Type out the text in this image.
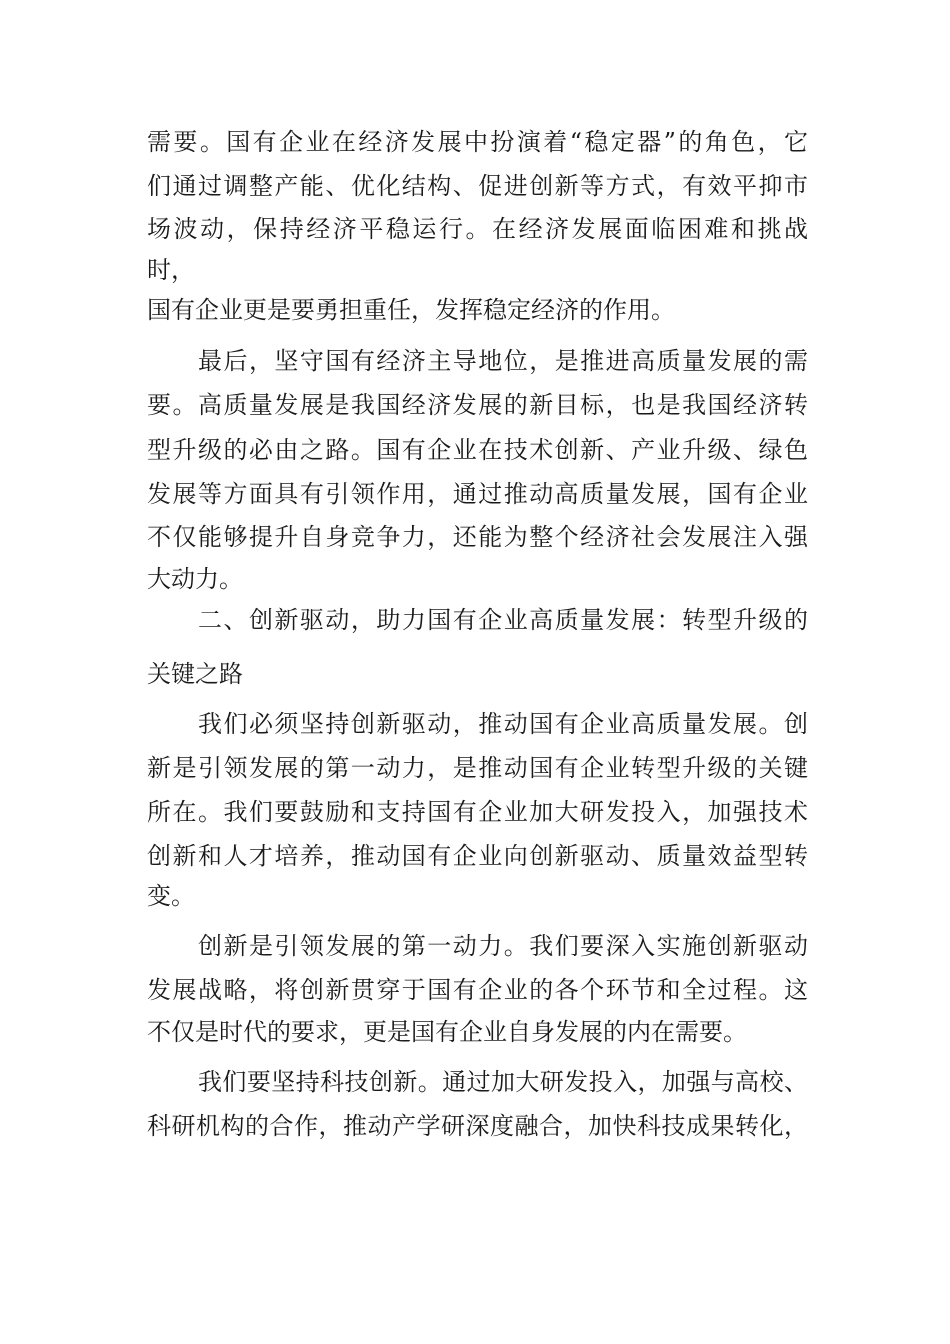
需要。国有企业在经济发展中扮演着“稳定器”的角色，它
们通过调整产能、优化结构、促进创新等方式，有效平抑市
场波动，保持经济平稳运行。在经济发展面临困难和挑战
时，
国有企业更是要勇担重任，发挥稳定经济的作用。
最后，坚守国有经济主导地位，是推进高质量发展的需
要。高质量发展是我国经济发展的新目标，也是我国经济转
型升级的必由之路。国有企业在技术创新、产业升级、绿色
发展等方面具有引领作用，通过推动高质量发展，国有企业
不仅能够提升自身竞争力，还能为整个经济社会发展注入强
大动力。
二、创新驱动，助力国有企业高质量发展：转型升级的
关键之路
我们必须坚持创新驱动，推动国有企业高质量发展。创
新是引领发展的第一动力，是推动国有企业转型升级的关键
所在。我们要鼓励和支持国有企业加大研发投入，加强技术
创新和人才培养，推动国有企业向创新驱动、质量效益型转
变。
创新是引领发展的第一动力。我们要深入实施创新驱动
发展战略，将创新贯穿于国有企业的各个环节和全过程。这
不仅是时代的要求，更是国有企业自身发展的内在需要。
我们要坚持科技创新。通过加大研发投入，加强与高校、
科研机构的合作，推动产学研深度融合，加快科技成果转化，
